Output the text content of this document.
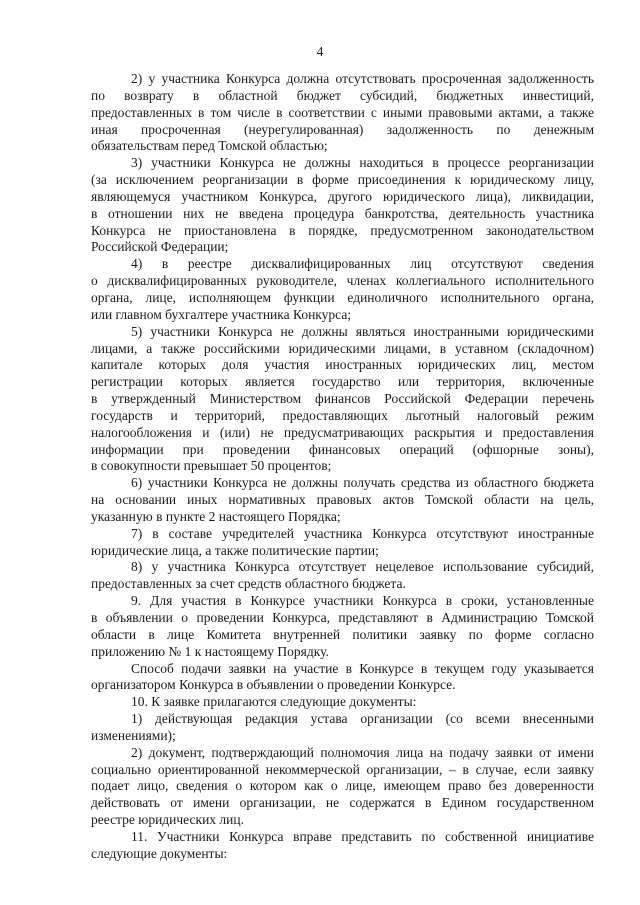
4
2) у участника Конкурса должна отсутствовать просроченная задолженность
по возврату в областной бюджет субсидий, бюджетных инвестиций,
предоставленных в том числе в соответствии с иными правовыми актами, а также
иная просроченная (неурегулированная) задолженность по денежным
обязательствам перед Томской областью;
3) участники Конкурса не должны находиться в процессе реорганизации
(за исключением реорганизации в форме присоединения к юридическому лицу,
являющемуся участником Конкурса, другого юридического лица), ликвидации,
в отношении них не введена процедура банкротства, деятельность участника
Конкурса не приостановлена в порядке, предусмотренном законодательством
Российской Федерации;
4) в реестре дисквалифицированных лиц отсутствуют сведения
о дисквалифицированных руководителе, членах коллегиального исполнительного
органа, лице, исполняющем функции единоличного исполнительного органа,
или главном бухгалтере участника Конкурса;
5) участники Конкурса не должны являться иностранными юридическими
лицами, а также российскими юридическими лицами, в уставном (складочном)
капитале которых доля участия иностранных юридических лиц, местом
регистрации которых является государство или территория, включенные
в утвержденный Министерством финансов Российской Федерации перечень
государств и территорий, предоставляющих льготный налоговый режим
налогообложения и (или) не предусматривающих раскрытия и предоставления
информации при проведении финансовых операций (офшорные зоны),
в совокупности превышает 50 процентов;
6) участники Конкурса не должны получать средства из областного бюджета
на основании иных нормативных правовых актов Томской области на цель,
указанную в пункте 2 настоящего Порядка;
7) в составе учредителей участника Конкурса отсутствуют иностранные
юридические лица, а также политические партии;
8) у участника Конкурса отсутствует нецелевое использование субсидий,
предоставленных за счет средств областного бюджета.
9. Для участия в Конкурсе участники Конкурса в сроки, установленные
в объявлении о проведении Конкурса, представляют в Администрацию Томской
области в лице Комитета внутренней политики заявку по форме согласно
приложению № 1 к настоящему Порядку.
Способ подачи заявки на участие в Конкурсе в текущем году указывается
организатором Конкурса в объявлении о проведении Конкурсе.
10. К заявке прилагаются следующие документы:
1) действующая редакция устава организации (со всеми внесенными
изменениями);
2) документ, подтверждающий полномочия лица на подачу заявки от имени
социально ориентированной некоммерческой организации, – в случае, если заявку
подает лицо, сведения о котором как о лице, имеющем право без доверенности
действовать от имени организации, не содержатся в Едином государственном
реестре юридических лиц.
11. Участники Конкурса вправе представить по собственной инициативе
следующие документы:
